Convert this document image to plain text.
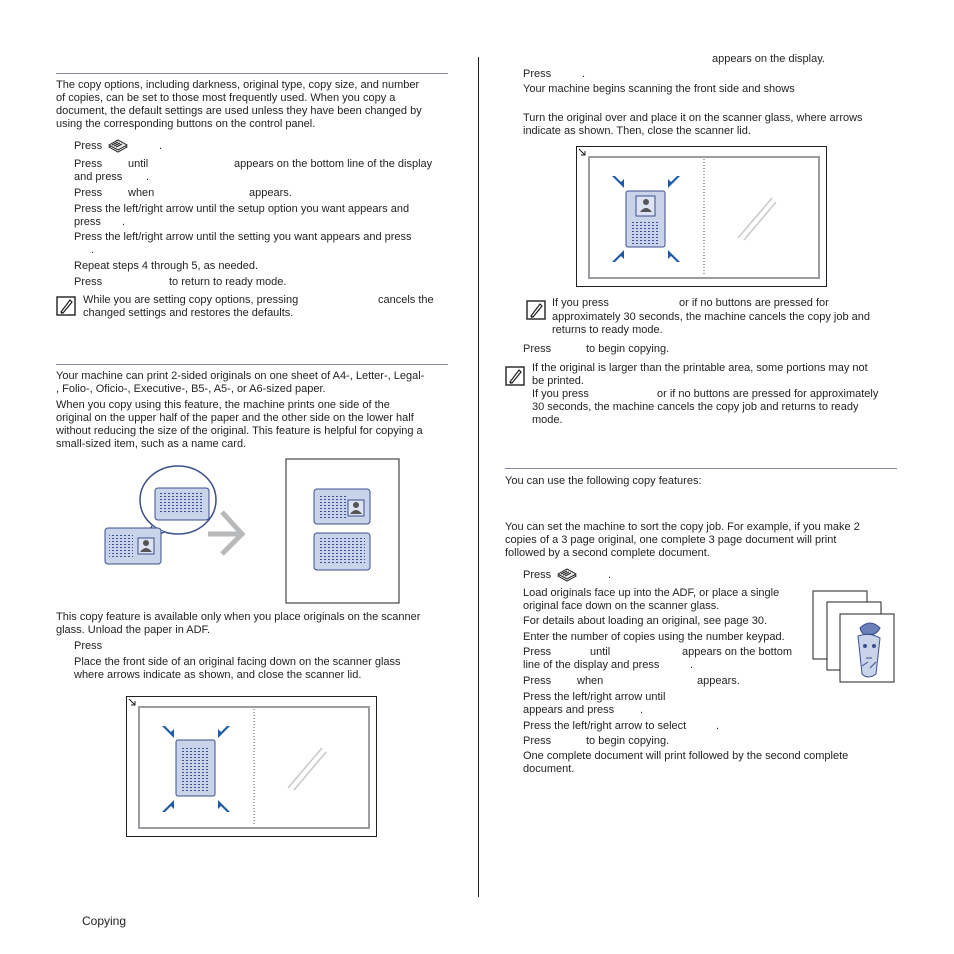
The copy options, including darkness, original type, copy size, and number
of copies, can be set to those most frequently used. When you copy a
document, the default settings are used unless they have been changed by
using the corresponding buttons on the control panel.
Press	.
Press until	appears on the bottom line of the display
and press .
Press when	appears.
Press the left/right arrow until the setup option you want appears and
press .
Press the left/right arrow until the setting you want appears and press
.
Repeat steps 4 through 5, as needed.
Press	to return to ready mode.
While you are setting copy options, pressing	cancels the
changed settings and restores the defaults.
Your machine can print 2-sided originals on one sheet of A4-, Letter-, Legal-
, Folio-, Oficio-, Executive-, B5-, A5-, or A6-sized paper.
When you copy using this feature, the machine prints one side of the
original on the upper half of the paper and the other side on the lower half
without reducing the size of the original. This feature is helpful for copying a
small-sized item, such as a name card.
This copy feature is available only when you place originals on the scanner
glass. Unload the paper in ADF.
Press
Place the front side of an original facing down on the scanner glass
where arrows indicate as shown, and close the scanner lid.
Copying
appears on the display.
Press	.
Your machine begins scanning the front side and shows
Turn the original over and place it on the scanner glass, where arrows
indicate as shown. Then, close the scanner lid.
If you press	or if no buttons are pressed for
approximately 30 seconds, the machine cancels the copy job and
returns to ready mode.
Press	to begin copying.
If the original is larger than the printable area, some portions may not
be printed.
If you press	or if no buttons are pressed for approximately
30 seconds, the machine cancels the copy job and returns to ready
mode.
You can use the following copy features:
You can set the machine to sort the copy job. For example, if you make 2
copies of a 3 page original, one complete 3 page document will print
followed by a second complete document.
Press	.
Load originals face up into the ADF, or place a single
original face down on the scanner glass.
For details about loading an original, see page 30.
Enter the number of copies using the number keypad.
Press	until	appears on the bottom
line of the display and press	.
Press when	appears.
Press the left/right arrow until
appears and press .
Press the left/right arrow to select	.
Press	to begin copying.
One complete document will print followed by the second complete
document.
